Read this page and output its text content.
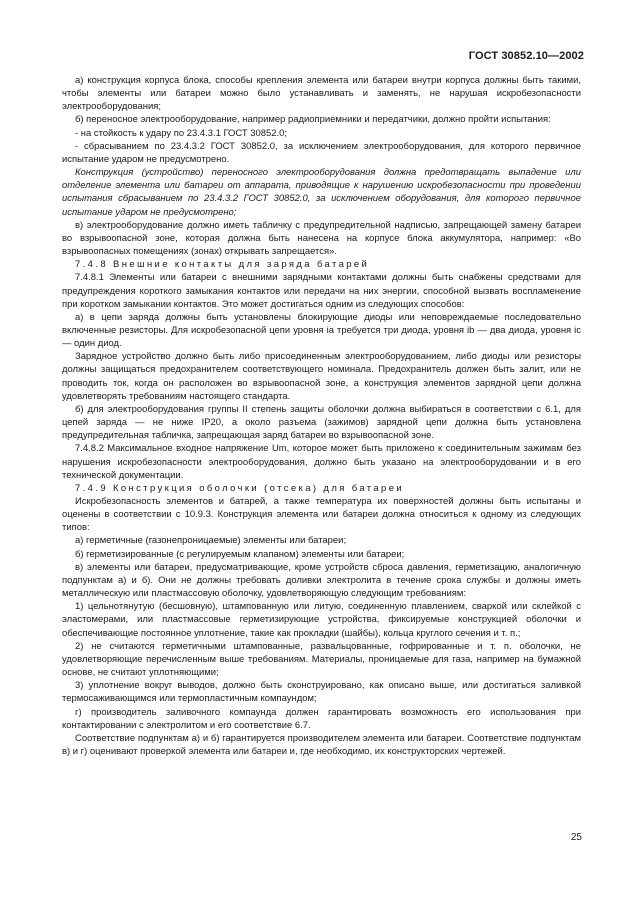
ГОСТ 30852.10—2002

а) конструкция корпуса блока, способы крепления элемента или батареи внутри корпуса должны быть такими, чтобы элементы или батареи можно было устанавливать и заменять, не нарушая искробезопасности электрооборудования;

б) переносное электрооборудование, например радиоприемники и передатчики, должно пройти испытания:

- на стойкость к удару по 23.4.3.1 ГОСТ 30852.0;

- сбрасыванием по 23.4.3.2 ГОСТ 30852.0, за исключением электрооборудования, для которого первичное испытание ударом не предусмотрено.

Конструкция (устройство) переносного электрооборудования должна предотвращать выпадение или отделение элемента или батареи от аппарата, приводящие к нарушению искробезопасности при проведении испытания сбрасыванием по 23.4.3.2 ГОСТ 30852.0, за исключением оборудования, для которого первичное испытание ударом не предусмотрено;

в) электрооборудование должно иметь табличку с предупредительной надписью, запрещающей замену батареи во взрывоопасной зоне, которая должна быть нанесена на корпусе блока аккумулятора, например: «Во взрывоопасных помещениях (зонах) открывать запрещается».

7.4.8 Внешние контакты для заряда батарей

7.4.8.1 Элементы или батареи с внешними зарядными контактами должны быть снабжены средствами для предупреждения короткого замыкания контактов или передачи на них энергии, способной вызвать воспламенение при коротком замыкании контактов. Это может достигаться одним из следующих способов:

а) в цепи заряда должны быть установлены блокирующие диоды или неповреждаемые последовательно включенные резисторы. Для искробезопасной цепи уровня ia требуется три диода, уровня ib — два диода, уровня ic — один диод.

Зарядное устройство должно быть либо присоединенным электрооборудованием, либо диоды или резисторы должны защищаться предохранителем соответствующего номинала. Предохранитель должен быть залит, или не проводить ток, когда он расположен во взрывоопасной зоне, а конструкция элементов зарядной цепи должна удовлетворять требованиям настоящего стандарта.

б) для электрооборудования группы II степень защиты оболочки должна выбираться в соответствии с 6.1, для цепей заряда — не ниже IP20, а около разъема (зажимов) зарядной цепи должна быть установлена предупредительная табличка, запрещающая заряд батареи во взрывоопасной зоне.

7.4.8.2 Максимальное входное напряжение Um, которое может быть приложено к соединительным зажимам без нарушения искробезопасности электрооборудования, должно быть указано на электрооборудовании и в его технической документации.

7.4.9 Конструкция оболочки (отсека) для батареи

Искробезопасность элементов и батарей, а также температура их поверхностей должны быть испытаны и оценены в соответствии с 10.9.3. Конструкция элемента или батареи должна относиться к одному из следующих типов:

а) герметичные (газонепроницаемые) элементы или батареи;

б) герметизированные (с регулируемым клапаном) элементы или батареи;

в) элементы или батареи, предусматривающие, кроме устройств сброса давления, герметизацию, аналогичную подпунктам а) и б). Они не должны требовать доливки электролита в течение срока службы и должны иметь металлическую или пластмассовую оболочку, удовлетворяющую следующим требованиям:

1) цельнотянутую (бесшовную), штампованную или литую, соединенную плавлением, сваркой или склейкой с эластомерами, или пластмассовые герметизирующие устройства, фиксируемые конструкцией оболочки и обеспечивающие постоянное уплотнение, такие как прокладки (шайбы), кольца круглого сечения и т. п.;

2) не считаются герметичными штампованные, развальцованные, гофрированные и т. п. оболочки, не удовлетворяющие перечисленным выше требованиям. Материалы, проницаемые для газа, например на бумажной основе, не считают уплотняющими;

3) уплотнение вокруг выводов, должно быть сконструировано, как описано выше, или достигаться заливкой термосаживающимся или термопластичным компаундом;

г) производитель заливочного компаунда должен гарантировать возможность его использования при контактировании с электролитом и его соответствие 6.7.

Соответствие подпунктам а) и б) гарантируется производителем элемента или батареи. Соответствие подпунктам в) и г) оценивают проверкой элемента или батареи и, где необходимо, их конструкторских чертежей.

25
